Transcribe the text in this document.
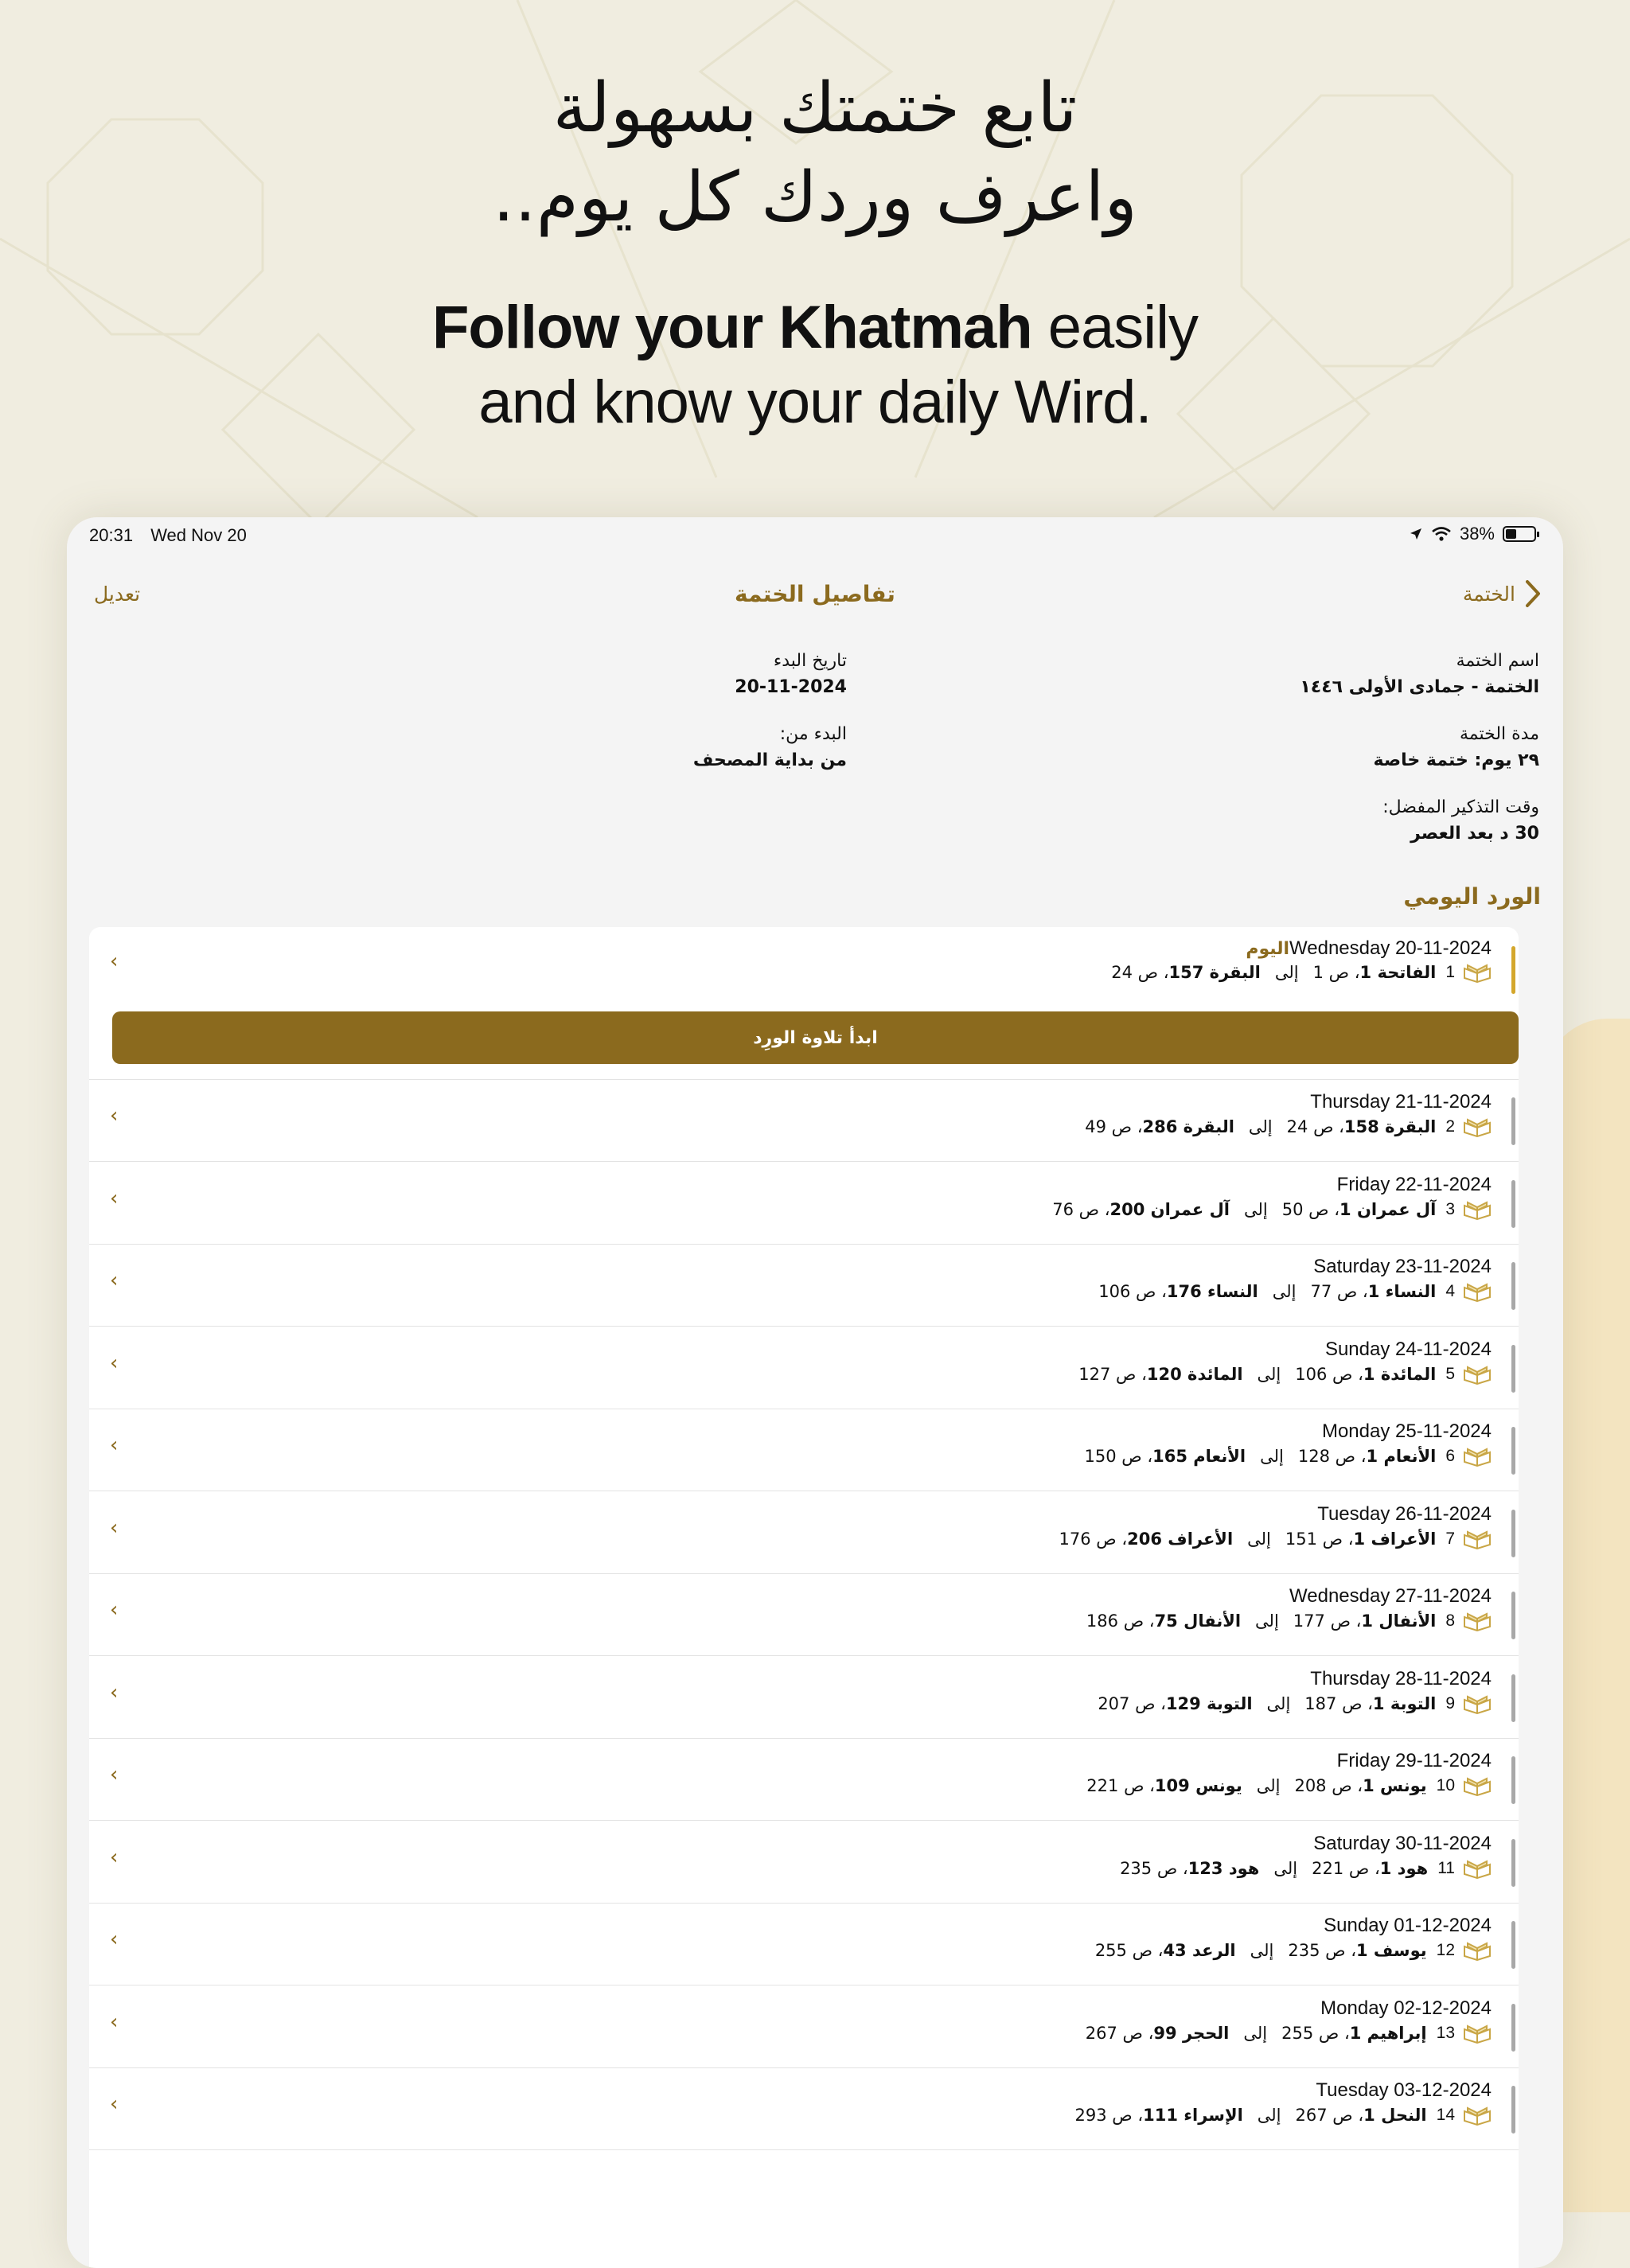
تابع ختمتك بسهولة
واعرف وردك كل يوم..
Follow your Khatmah easily
and know your daily Wird.
20:31 Wed Nov 20	38%
تعديل	تفاصيل الختمة	الختمة
اسم الختمة
الختمة - جمادى الأولى ١٤٤٦
تاريخ البدء
20-11-2024
مدة الختمة
٢٩ يوم: ختمة خاصة
البدء من:
من بداية المصحف
وقت التذكير المفضل:
30 د بعد العصر
الورد اليومي
اليومWednesday 20-11-2024
1
الفاتحة 1
، ص 1
إلى
البقرة 157
، ص 24
‹
ابدأ تلاوة الورِد
Thursday 21-11-2024
2
البقرة 158
، ص 24
إلى
البقرة 286
، ص 49
‹
Friday 22-11-2024
3
آل عمران 1
، ص 50
إلى
آل عمران 200
، ص 76
‹
Saturday 23-11-2024
4
النساء 1
، ص 77
إلى
النساء 176
، ص 106
‹
Sunday 24-11-2024
5
المائدة 1
، ص 106
إلى
المائدة 120
، ص 127
‹
Monday 25-11-2024
6
الأنعام 1
، ص 128
إلى
الأنعام 165
، ص 150
‹
Tuesday 26-11-2024
7
الأعراف 1
، ص 151
إلى
الأعراف 206
، ص 176
‹
Wednesday 27-11-2024
8
الأنفال 1
، ص 177
إلى
الأنفال 75
، ص 186
‹
Thursday 28-11-2024
9
التوبة 1
، ص 187
إلى
التوبة 129
، ص 207
‹
Friday 29-11-2024
10
يونس 1
، ص 208
إلى
يونس 109
، ص 221
‹
Saturday 30-11-2024
11
هود 1
، ص 221
إلى
هود 123
، ص 235
‹
Sunday 01-12-2024
12
يوسف 1
، ص 235
إلى
الرعد 43
، ص 255
‹
Monday 02-12-2024
13
إبراهيم 1
، ص 255
إلى
الحجر 99
، ص 267
‹
Tuesday 03-12-2024
14
النحل 1
، ص 267
إلى
الإسراء 111
، ص 293
‹
